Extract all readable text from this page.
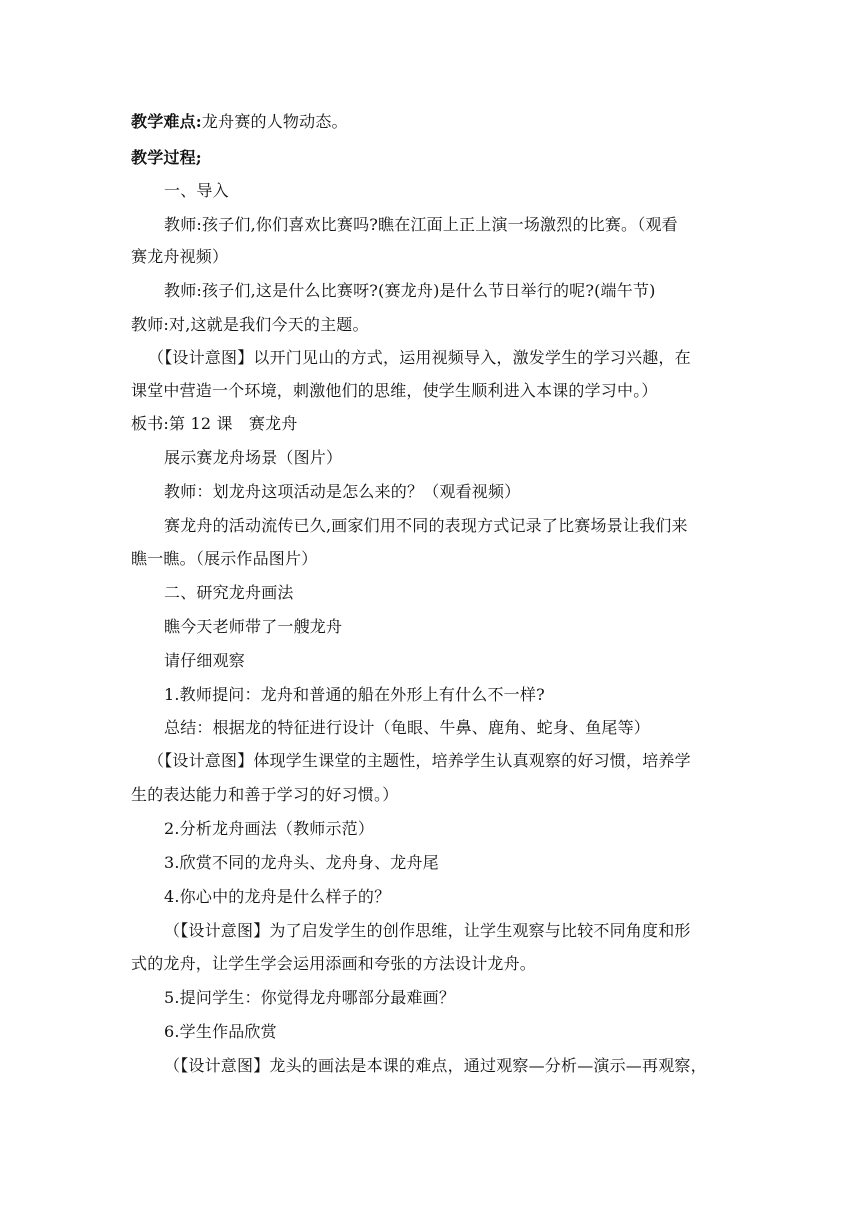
教学难点:龙舟赛的人物动态。
教学过程;
一、导入
教师:孩子们,你们喜欢比赛吗?瞧在江面上正上演一场激烈的比赛。（观看
赛龙舟视频）
教师:孩子们,这是什么比赛呀?(赛龙舟)是什么节日举行的呢?(端午节)
教师:对,这就是我们今天的主题。
（【设计意图】以开门见山的方式，运用视频导入，激发学生的学习兴趣，在
课堂中营造一个环境，刺激他们的思维，使学生顺利进入本课的学习中。）
板书:第 12 课　赛龙舟
展示赛龙舟场景（图片）
教师：划龙舟这项活动是怎么来的？（观看视频）
赛龙舟的活动流传已久,画家们用不同的表现方式记录了比赛场景让我们来
瞧一瞧。（展示作品图片）
二、研究龙舟画法
瞧今天老师带了一艘龙舟
请仔细观察
1.教师提问：龙舟和普通的船在外形上有什么不一样?
总结：根据龙的特征进行设计（龟眼、牛鼻、鹿角、蛇身、鱼尾等）
（【设计意图】体现学生课堂的主题性，培养学生认真观察的好习惯，培养学
生的表达能力和善于学习的好习惯。）
2.分析龙舟画法（教师示范）
3.欣赏不同的龙舟头、龙舟身、龙舟尾
4.你心中的龙舟是什么样子的？
（【设计意图】为了启发学生的创作思维，让学生观察与比较不同角度和形
式的龙舟，让学生学会运用添画和夸张的方法设计龙舟。
5.提问学生：你觉得龙舟哪部分最难画？
6.学生作品欣赏
（【设计意图】龙头的画法是本课的难点，通过观察—分析—演示—再观察，
